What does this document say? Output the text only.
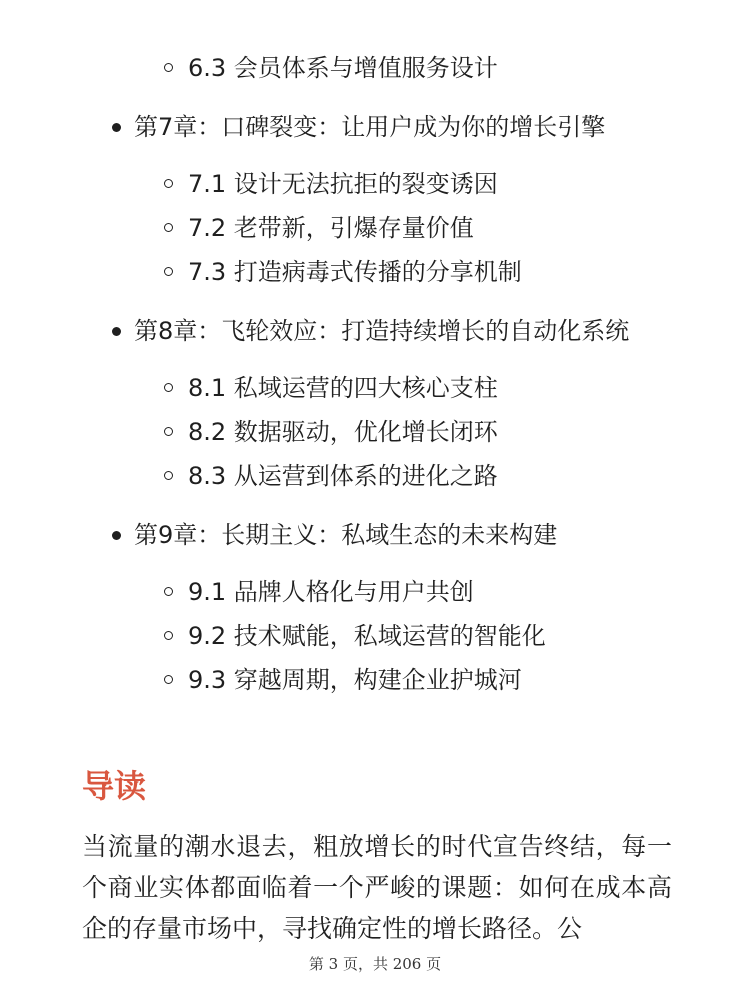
6.3 会员体系与增值服务设计
第7章：口碑裂变：让用户成为你的增长引擎
7.1 设计无法抗拒的裂变诱因
7.2 老带新，引爆存量价值
7.3 打造病毒式传播的分享机制
第8章：飞轮效应：打造持续增长的自动化系统
8.1 私域运营的四大核心支柱
8.2 数据驱动，优化增长闭环
8.3 从运营到体系的进化之路
第9章：长期主义：私域生态的未来构建
9.1 品牌人格化与用户共创
9.2 技术赋能，私域运营的智能化
9.3 穿越周期，构建企业护城河
导读
当流量的潮水退去，粗放增长的时代宣告终结，每一个商业实体都面临着一个严峻的课题：如何在成本高企的存量市场中，寻找确定性的增长路径。公
第 3 页，共 206 页
